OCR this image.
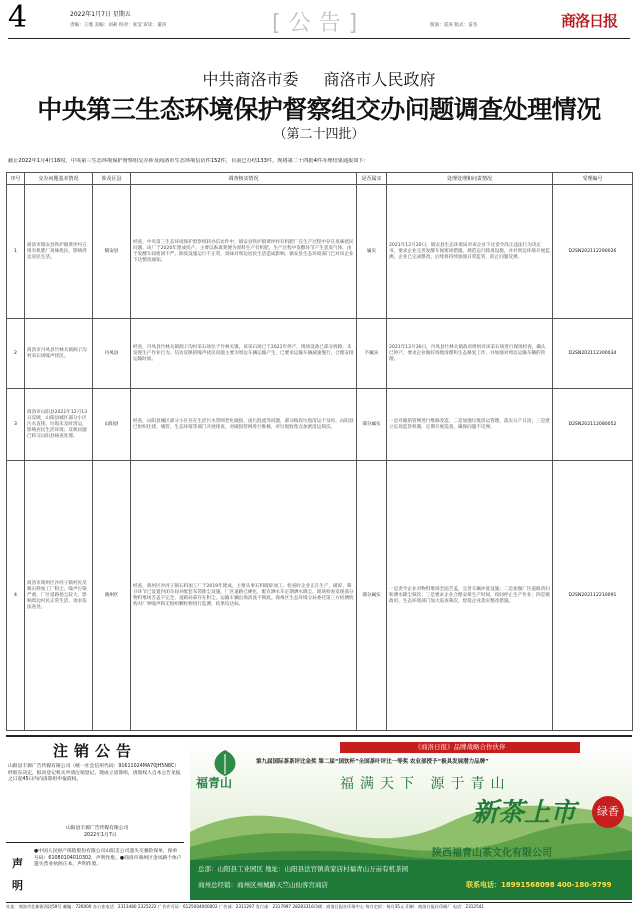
4	2022年1月7日 星期五
责编：王瑾 美编：刘莉 校对：张莹 审读：董涛	[公告]	版面：雷涛 版式：雷杰	商洛日报
中共商洛市委 商洛市人民政府
中央第三生态环境保护督察组交办问题调查处理情况
（第二十四批）
截止2022年1月4日16时，中央第三生态环境保护督察组交办涉及商洛市生态环境信访件152件，目前已办结133件，现将第二十四批4件办理结果通报如下：
序号	交办问题基本情况	涉及区县	调查核实情况	是否属实	处理处理和问责情况	受理编号
1	商洛市镇安县铁炉镇黄坪村五组有机肥厂臭味扰民，影响周边居民生活。	镇安县	经查，中央第三生态环境保护督察组转办信访件中，镇安县铁炉镇黄坪村有机肥厂在生产过程中存在臭味扰民问题。该厂于2020年建成投产，主要以畜禽粪便为原料生产有机肥，生产过程中发酵环节产生恶臭气体，由于发酵车间密闭不严、除臭设施运行不正常，臭味对周边居民生活造成影响。镇安县生态环境部门已对该企业下达整改通知。	属实	2021年12月20日，镇安县生态环境局对该企业下达责令改正违法行为决定书，要求企业完善发酵车间密闭措施，规范运行除臭设施，并对周边环境开展监测。企业已完成整改，后续将持续加强日常监管，防止问题反弹。	D2SN202112290026
2	商洛市丹凤县竹林关镇洞子沟村采石场噪声扰民。	丹凤县	经查，丹凤县竹林关镇洞子沟村采石场位于竹林关镇，该采石场已于2021年停产，现场设备已部分拆除，未发现生产作业行为。信访反映的噪声扰民问题主要为周边车辆运输产生，已要求运输车辆减速慢行，合理安排运输时间。	不属实	2021年12月30日，丹凤县竹林关镇政府组织对该采石场进行现场检查，确认已停产，要求企业做好场地清理和生态修复工作，并加强对周边运输车辆的管理。	D2SN202112300034
3	商洛市山阳县2021年12月13日反映，山阳县城区部分小区污水直排，垃圾未及时清运，影响居民生活环境；反映问题已转交山阳县核查处理。	山阳县	经查，山阳县城区部分小区存在生活污水管网老化破损、雨污混流等问题，部分路段垃圾清运不及时。山阳县已组织住建、城管、生态环境等部门开展排查，对破损管网进行维修，对垃圾收集点加密清运频次。	部分属实	一是对破损管网进行维修改造，二是加强垃圾清运管理，落实日产日清；三是建立长效监管机制，定期开展巡查，确保问题不反弹。	D2SN202112080052
4	商洛市商州区沙河子镇村民反映石料加工厂粉尘、噪声污染严重，厂区道路扬尘较大，影响周边村民正常生活，请求依法查处。	商州区	经查，商州区沙河子镇石料加工厂于2019年建成，主要从事石料破碎加工。检查时企业正在生产，破碎、筛分环节已设置封闭车间并配套布袋除尘设施，厂区道路已硬化，配有洒水车定期洒水降尘。现场检查发现部分物料堆场苫盖不完全，道路局部存在积尘，运输车辆出场清洗不彻底。商州区生态环境分局委托第三方检测机构对厂界噪声和无组织颗粒物进行监测，结果均达标。	部分属实	一是责令企业对物料堆场全面苫盖，完善车辆冲洗设施；二是加强厂区道路清扫和洒水降尘频次；三是要求企业合理安排生产时间，夜间停止生产作业；四是镇政府、生态环境部门加大巡查频次，督促企业落实整改措施。	D2SN202112210091
注销公告
山阳县丰源广告传媒有限公司（统一社会信用代码：91611024MA70JH5N8C）经股东决定，拟向登记机关申请注销登记，现成立清算组，请债权人自本公告见报之日起45日内向清算组申报债权。
山阳县丰源广告传媒有限公司
2022年1月7日
声明
●中国人民财产保险股份有限公司山阳支公司遗失交强险保单，保单号码：61080104010302，声明作废。●商洛市商州区金凤路个体户遗失营业执照正本，声明作废。
《商洛日报》品牌战略合作伙伴
福青山
第九届国际茶茶评比金奖 第二届“国饮杯”全国茶叶评比一等奖 农业部授予“极具发展潜力品牌”
福满天下 源于青山
新茶上市	绿香
陕西福青山茶文化有限公司
总部：山阳县工业园区 地址：山阳县法官镇黄家店村福青山万亩有机茶园
商州总经销：商州区州城路天竺山仙客宫商店	联系电话：18991568098 400-180-9799
社址：商洛市北新街西段59号 邮编：726000 办公室电话：2313480 2325222 广告许可证：6125004000002 广告部：2311297 发行部：2317997 28283316印刷：商洛日报社印务中心 每月定价：每月35元 印刷：商洛日报社印刷厂 电话：2312541
